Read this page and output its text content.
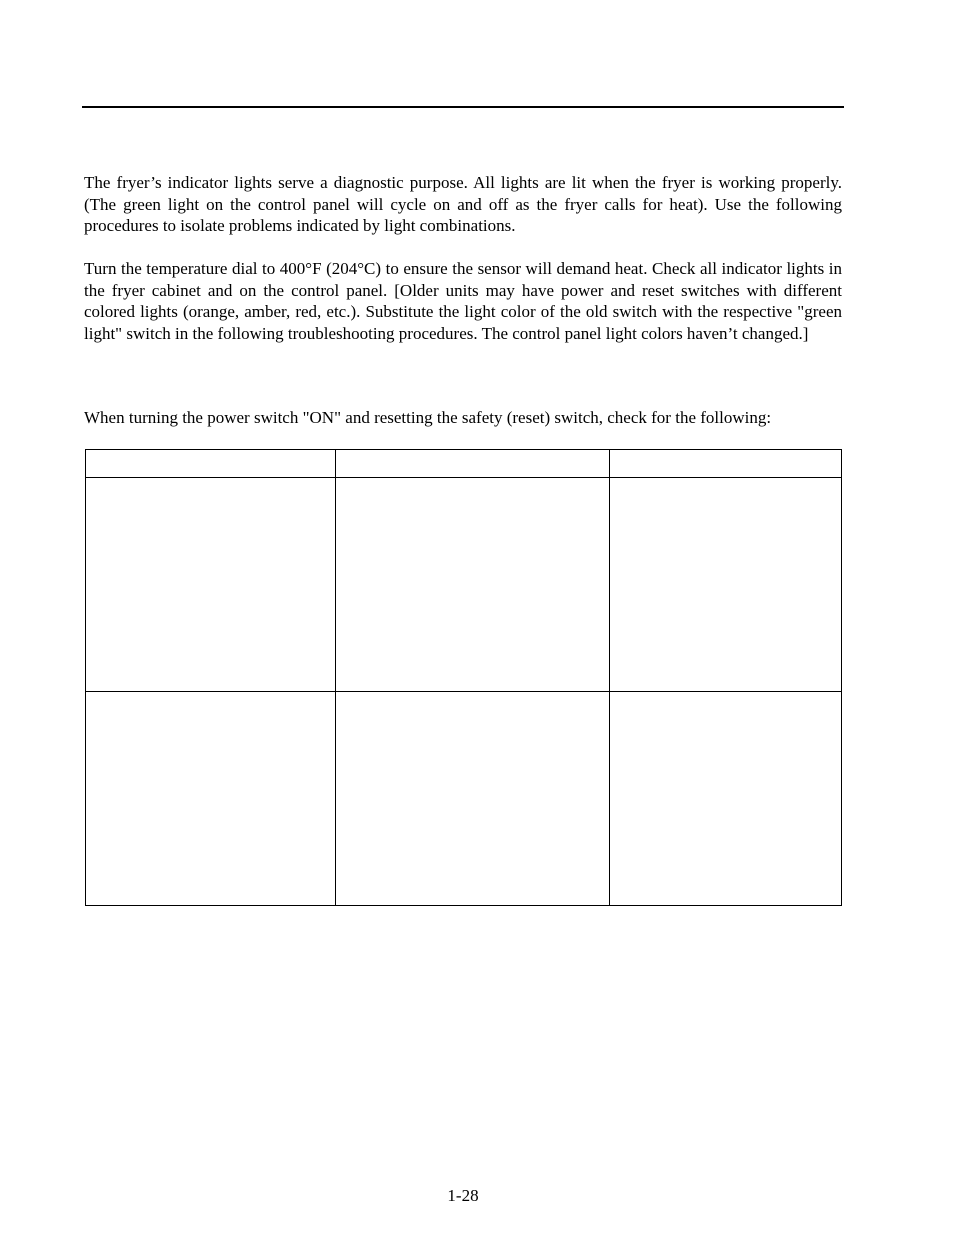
The fryer’s indicator lights serve a diagnostic purpose. All lights are lit when the fryer is working properly. (The green light on the control panel will cycle on and off as the fryer calls for heat). Use the following procedures to isolate problems indicated by light combinations.

Turn the temperature dial to 400°F (204°C) to ensure the sensor will demand heat. Check all indicator lights in the fryer cabinet and on the control panel. [Older units may have power and reset switches with different colored lights (orange, amber, red, etc.). Substitute the light color of the old switch with the respective "green light" switch in the following troubleshooting procedures. The control panel light colors haven’t changed.]

When turning the power switch "ON" and resetting the safety (reset) switch, check for the following:

1-28
